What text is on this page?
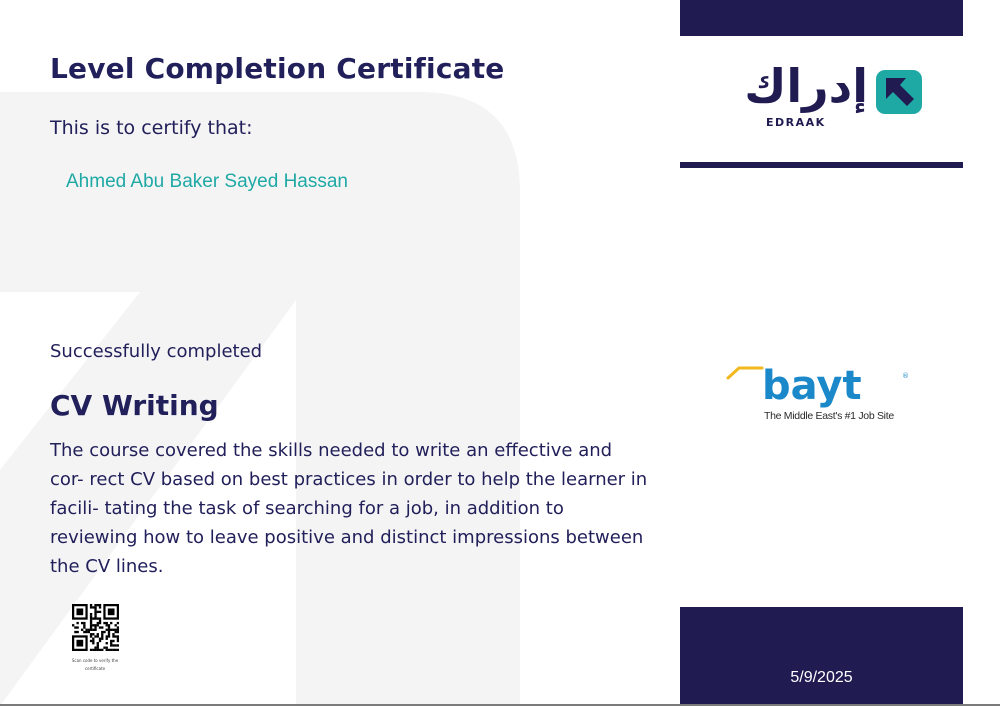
Level Completion Certificate
This is to certify that:
Ahmed Abu Baker Sayed Hassan
Successfully completed
CV Writing

The course covered the skills needed to write an effective and cor- rect CV based on best practices in order to help the learner in facili- tating the task of searching for a job, in addition to reviewing how to leave positive and distinct impressions between the CV lines.

Scan code to verify the certificate
إدراك
EDRAAK
bayt	®
The Middle East's #1 Job Site
5/9/2025
